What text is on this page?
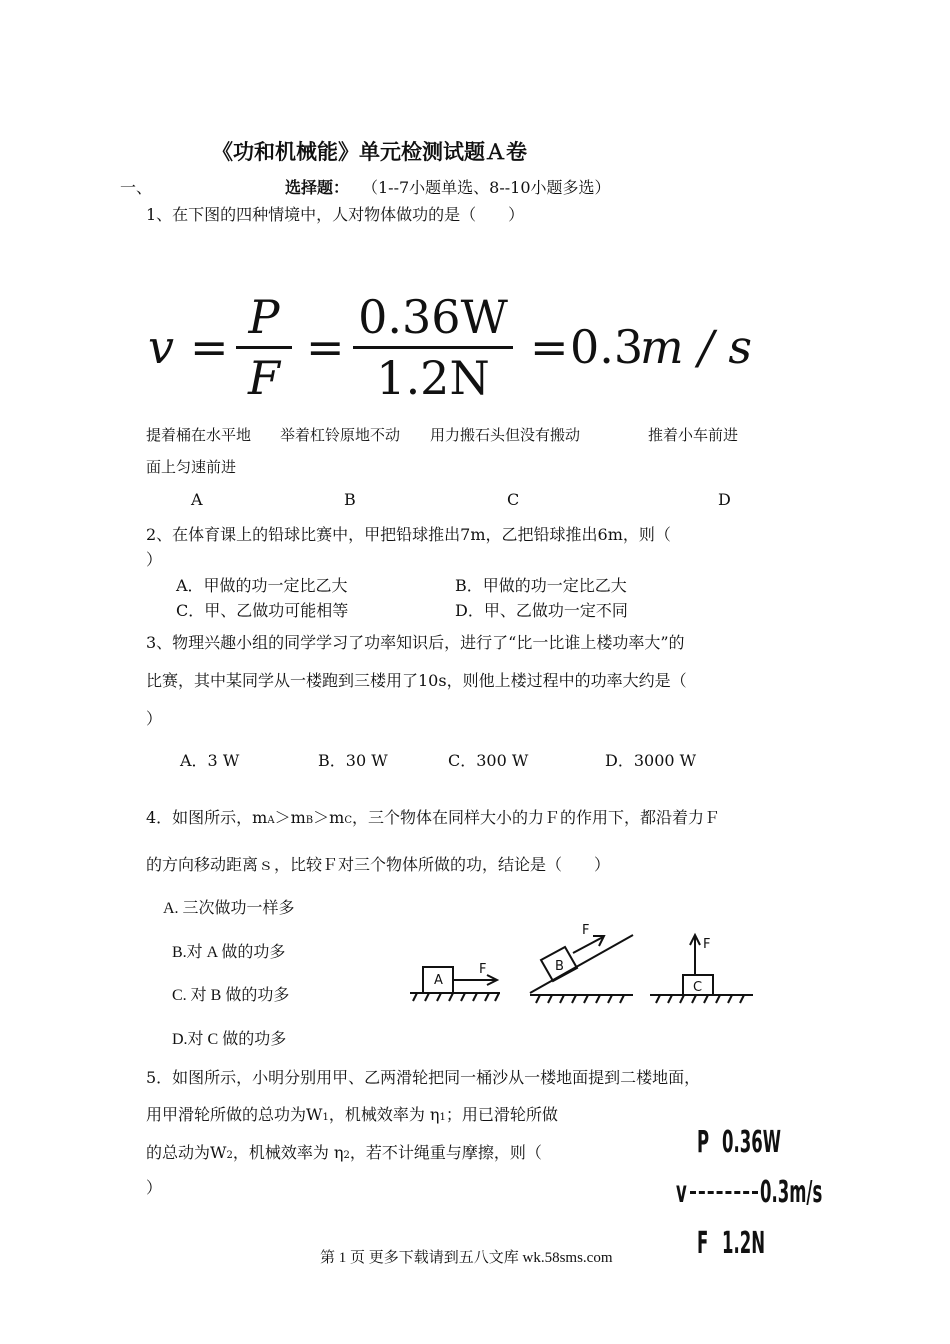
《功和机械能》单元检测试题Ａ卷
一、	选择题： （1--7小题单选、8--10小题多选）
1、在下图的四种情境中，人对物体做功的是（　　）
v =
P
F
=
0.36W
1.2N
= 0.3
m / s
提着桶在水平地 举着杠铃原地不动 用力搬石头但没有搬动	推着小车前进
面上匀速前进
A	B	C	D
2、在体育课上的铅球比赛中，甲把铅球推出7m，乙把铅球推出6m，则（
）
A．甲做的功一定比乙大	B．甲做的功一定比乙大
C．甲、乙做功可能相等	D．甲、乙做功一定不同
3、物理兴趣小组的同学学习了功率知识后，进行了“比一比谁上楼功率大”的
比赛，其中某同学从一楼跑到三楼用了10s，则他上楼过程中的功率大约是（
）
A．3 W	B．30 W	C．300 W	D．3000 W
4．如图所示，mA＞mB＞mC，三个物体在同样大小的力Ｆ的作用下，都沿着力Ｆ
的方向移动距离ｓ，比较Ｆ对三个物体所做的功，结论是（　　）
A. 三次做功一样多
B.对 A 做的功多
C. 对 B 做的功多
D.对 C 做的功多
A
F	B
F
C
F
5．如图所示，小明分别用甲、乙两滑轮把同一桶沙从一楼地面提到二楼地面，
用甲滑轮所做的总功为W1，机械效率为 η1；用已滑轮所做
的总动为W2，机械效率为 η2，若不计绳重与摩擦，则（
）
P 0.36W
v 0.3m/s
F 1.2N
第 1 页 更多下载请到五八文库 wk.58sms.com
